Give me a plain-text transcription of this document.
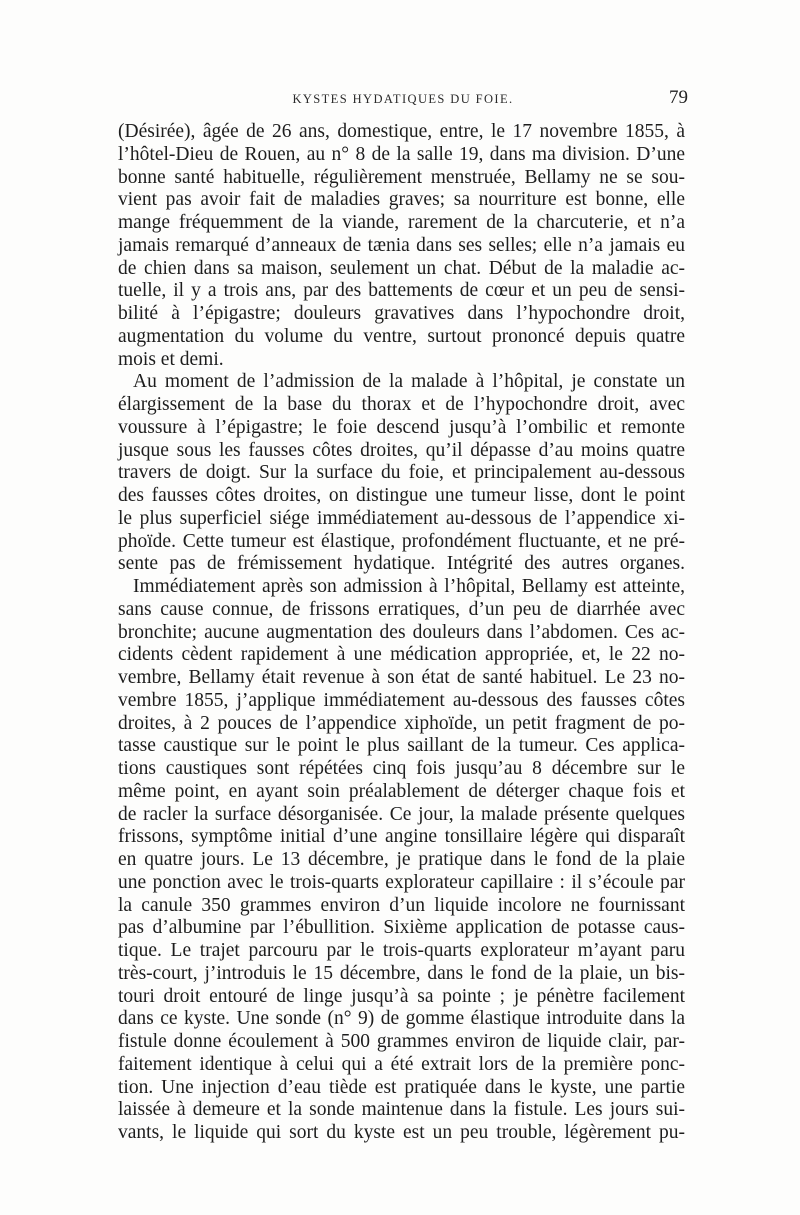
KYSTES HYDATIQUES DU FOIE.	79
(Désirée), âgée de 26 ans, domestique, entre, le 17 novembre 1855, à
l’hôtel-Dieu de Rouen, au n° 8 de la salle 19, dans ma division. D’une
bonne santé habituelle, régulièrement menstruée, Bellamy ne se sou-
vient pas avoir fait de maladies graves; sa nourriture est bonne, elle
mange fréquemment de la viande, rarement de la charcuterie, et n’a
jamais remarqué d’anneaux de tænia dans ses selles; elle n’a jamais eu
de chien dans sa maison, seulement un chat. Début de la maladie ac-
tuelle, il y a trois ans, par des battements de cœur et un peu de sensi-
bilité à l’épigastre; douleurs gravatives dans l’hypochondre droit,
augmentation du volume du ventre, surtout prononcé depuis quatre
mois et demi.
Au moment de l’admission de la malade à l’hôpital, je constate un
élargissement de la base du thorax et de l’hypochondre droit, avec
voussure à l’épigastre; le foie descend jusqu’à l’ombilic et remonte
jusque sous les fausses côtes droites, qu’il dépasse d’au moins quatre
travers de doigt. Sur la surface du foie, et principalement au-dessous
des fausses côtes droites, on distingue une tumeur lisse, dont le point
le plus superficiel siége immédiatement au-dessous de l’appendice xi-
phoïde. Cette tumeur est élastique, profondément fluctuante, et ne pré-
sente pas de frémissement hydatique. Intégrité des autres organes.
Immédiatement après son admission à l’hôpital, Bellamy est atteinte,
sans cause connue, de frissons erratiques, d’un peu de diarrhée avec
bronchite; aucune augmentation des douleurs dans l’abdomen. Ces ac-
cidents cèdent rapidement à une médication appropriée, et, le 22 no-
vembre, Bellamy était revenue à son état de santé habituel. Le 23 no-
vembre 1855, j’applique immédiatement au-dessous des fausses côtes
droites, à 2 pouces de l’appendice xiphoïde, un petit fragment de po-
tasse caustique sur le point le plus saillant de la tumeur. Ces applica-
tions caustiques sont répétées cinq fois jusqu’au 8 décembre sur le
même point, en ayant soin préalablement de déterger chaque fois et
de racler la surface désorganisée. Ce jour, la malade présente quelques
frissons, symptôme initial d’une angine tonsillaire légère qui disparaît
en quatre jours. Le 13 décembre, je pratique dans le fond de la plaie
une ponction avec le trois-quarts explorateur capillaire : il s’écoule par
la canule 350 grammes environ d’un liquide incolore ne fournissant
pas d’albumine par l’ébullition. Sixième application de potasse caus-
tique. Le trajet parcouru par le trois-quarts explorateur m’ayant paru
très-court, j’introduis le 15 décembre, dans le fond de la plaie, un bis-
touri droit entouré de linge jusqu’à sa pointe ; je pénètre facilement
dans ce kyste. Une sonde (n° 9) de gomme élastique introduite dans la
fistule donne écoulement à 500 grammes environ de liquide clair, par-
faitement identique à celui qui a été extrait lors de la première ponc-
tion. Une injection d’eau tiède est pratiquée dans le kyste, une partie
laissée à demeure et la sonde maintenue dans la fistule. Les jours sui-
vants, le liquide qui sort du kyste est un peu trouble, légèrement pu-
